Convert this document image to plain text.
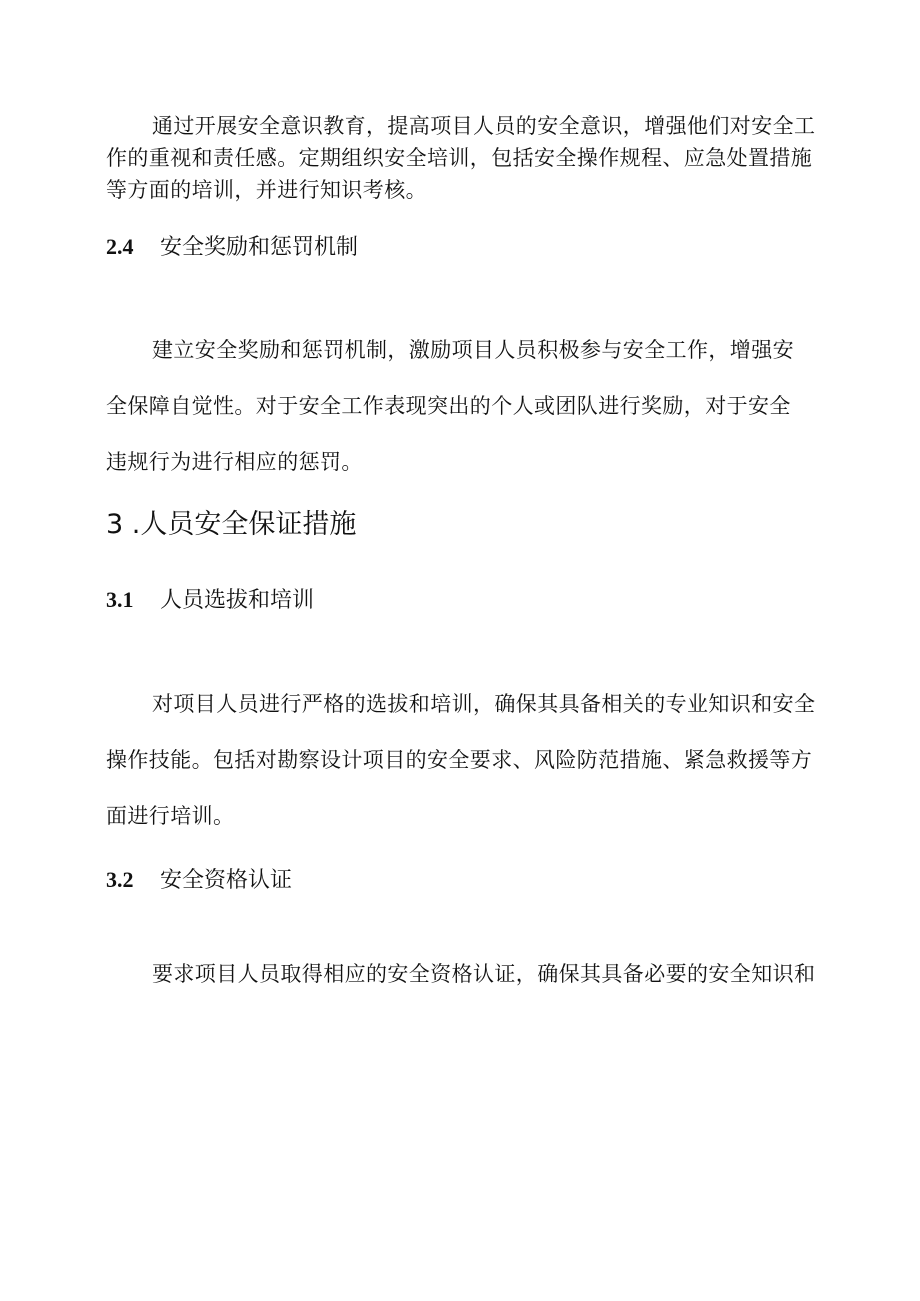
通过开展安全意识教育，提高项目人员的安全意识，增强他们对安全工
作的重视和责任感。定期组织安全培训，包括安全操作规程、应急处置措施
等方面的培训，并进行知识考核。

2.4 安全奖励和惩罚机制

建立安全奖励和惩罚机制，激励项目人员积极参与安全工作，增强安
全保障自觉性。对于安全工作表现突出的个人或团队进行奖励，对于安全
违规行为进行相应的惩罚。

3 .人员安全保证措施
3.1 人员选拔和培训

对项目人员进行严格的选拔和培训，确保其具备相关的专业知识和安全
操作技能。包括对勘察设计项目的安全要求、风险防范措施、紧急救援等方
面进行培训。

3.2 安全资格认证

要求项目人员取得相应的安全资格认证，确保其具备必要的安全知识和
